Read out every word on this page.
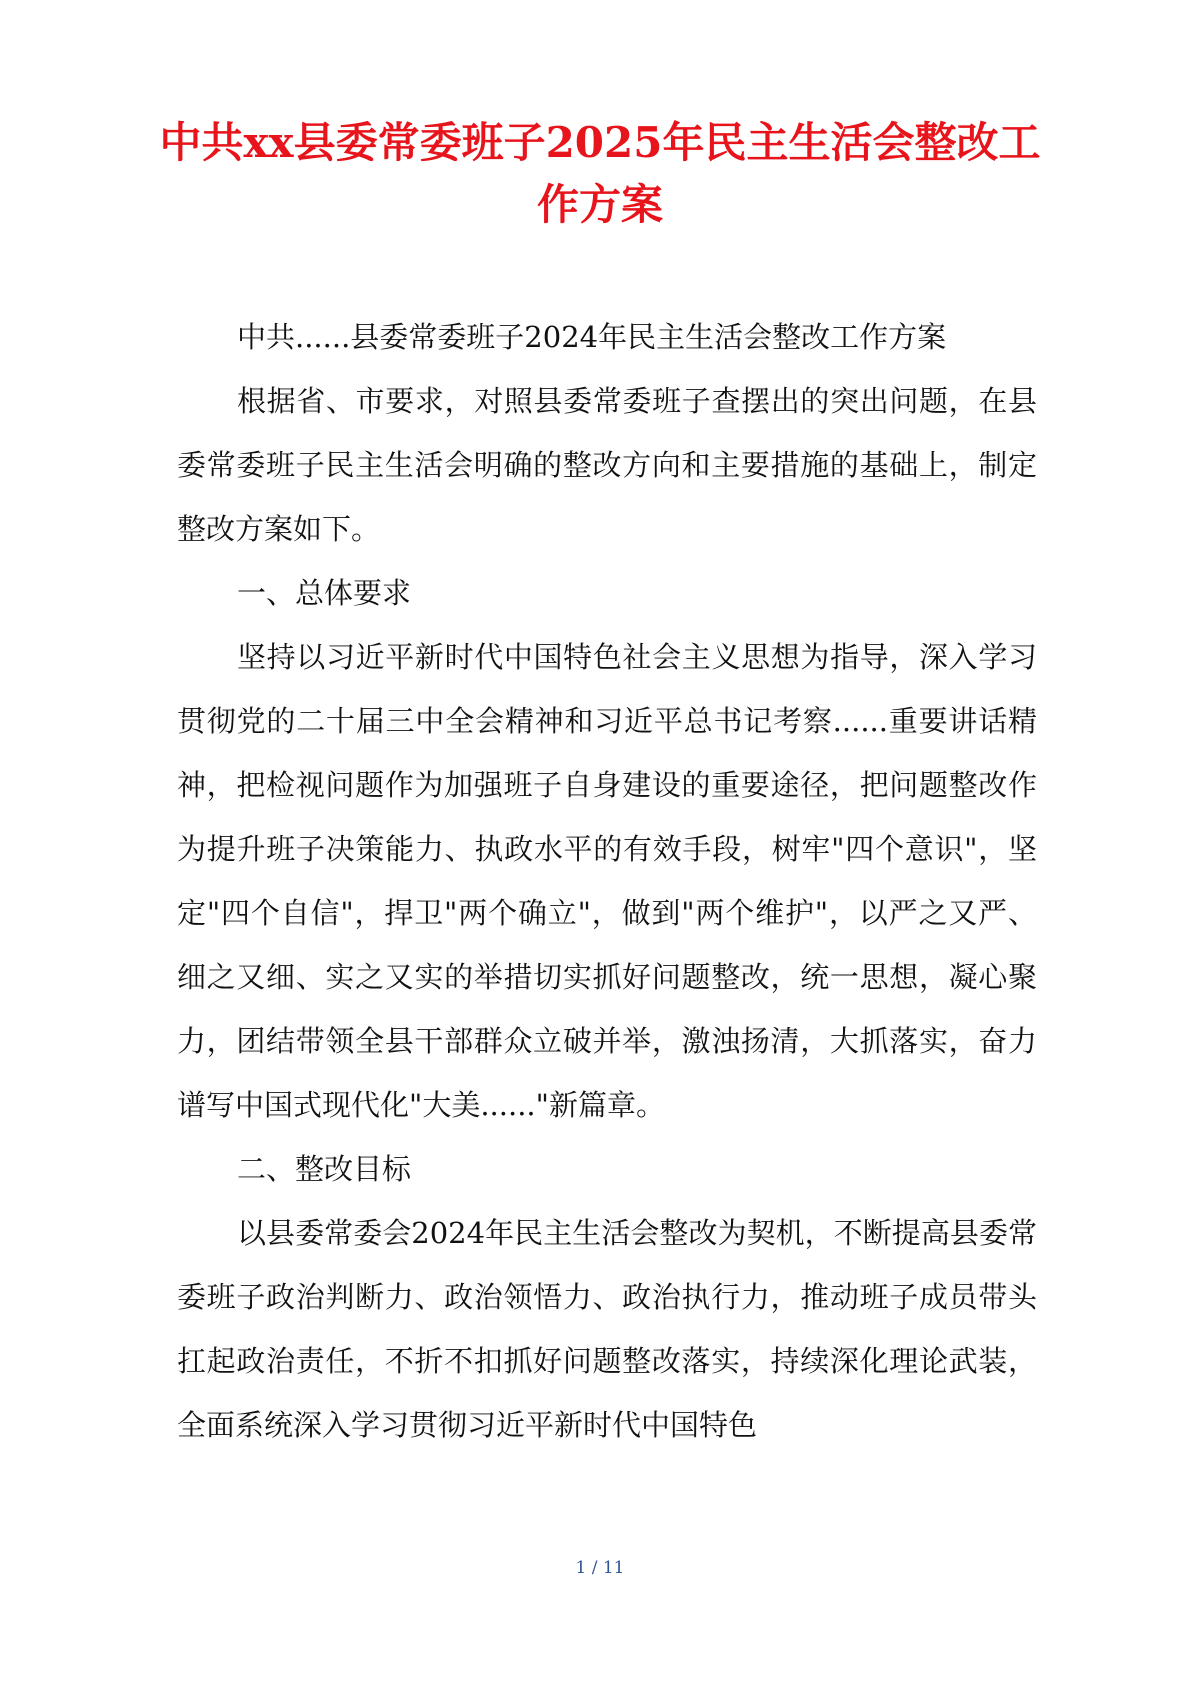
中共xx县委常委班子2025年民主生活会整改工作方案

中共......县委常委班子2024年民主生活会整改工作方案

根据省、市要求，对照县委常委班子查摆出的突出问题，在县委常委班子民主生活会明确的整改方向和主要措施的基础上，制定整改方案如下。

一、总体要求

坚持以习近平新时代中国特色社会主义思想为指导，深入学习贯彻党的二十届三中全会精神和习近平总书记考察......重要讲话精神，把检视问题作为加强班子自身建设的重要途径，把问题整改作为提升班子决策能力、执政水平的有效手段，树牢"四个意识"，坚定"四个自信"，捍卫"两个确立"，做到"两个维护"，以严之又严、细之又细、实之又实的举措切实抓好问题整改，统一思想，凝心聚力，团结带领全县干部群众立破并举，激浊扬清，大抓落实，奋力谱写中国式现代化"大美......"新篇章。

二、整改目标

以县委常委会2024年民主生活会整改为契机，不断提高县委常委班子政治判断力、政治领悟力、政治执行力，推动班子成员带头扛起政治责任，不折不扣抓好问题整改落实，持续深化理论武装，全面系统深入学习贯彻习近平新时代中国特色

1 / 11
